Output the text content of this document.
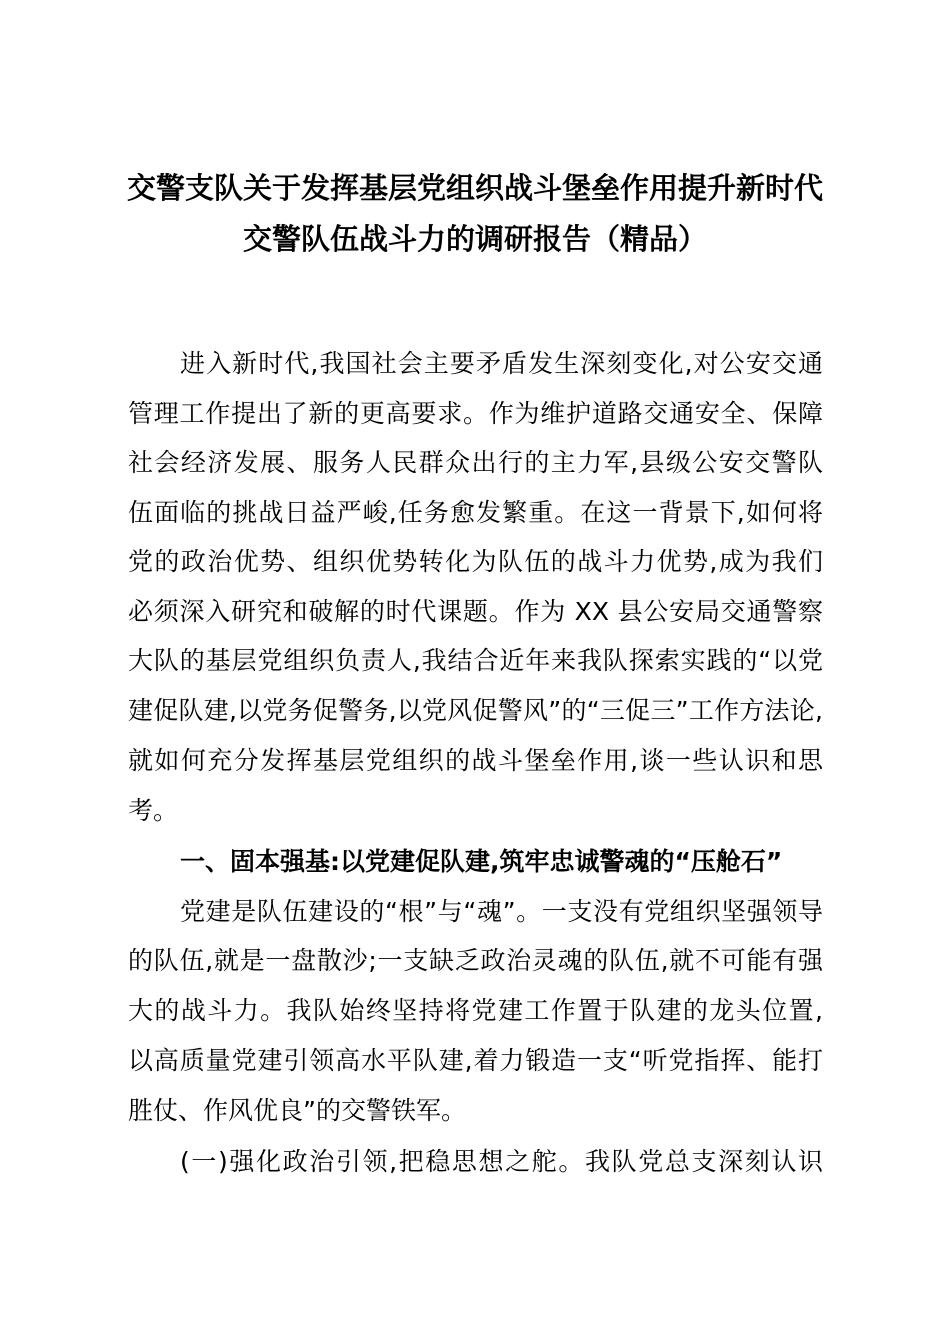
交警支队关于发挥基层党组织战斗堡垒作用提升新时代
交警队伍战斗力的调研报告（精品）
进入新时代,我国社会主要矛盾发生深刻变化,对公安交通
管理工作提出了新的更高要求。作为维护道路交通安全、保障
社会经济发展、服务人民群众出行的主力军,县级公安交警队
伍面临的挑战日益严峻,任务愈发繁重。在这一背景下,如何将
党的政治优势、组织优势转化为队伍的战斗力优势,成为我们
必须深入研究和破解的时代课题。作为 XX 县公安局交通警察
大队的基层党组织负责人,我结合近年来我队探索实践的“以党
建促队建,以党务促警务,以党风促警风”的“三促三”工作方法论,
就如何充分发挥基层党组织的战斗堡垒作用,谈一些认识和思
考。
一、固本强基:以党建促队建,筑牢忠诚警魂的“压舱石”
党建是队伍建设的“根”与“魂”。一支没有党组织坚强领导
的队伍,就是一盘散沙;一支缺乏政治灵魂的队伍,就不可能有强
大的战斗力。我队始终坚持将党建工作置于队建的龙头位置,
以高质量党建引领高水平队建,着力锻造一支“听党指挥、能打
胜仗、作风优良”的交警铁军。
(一)强化政治引领,把稳思想之舵。我队党总支深刻认识
